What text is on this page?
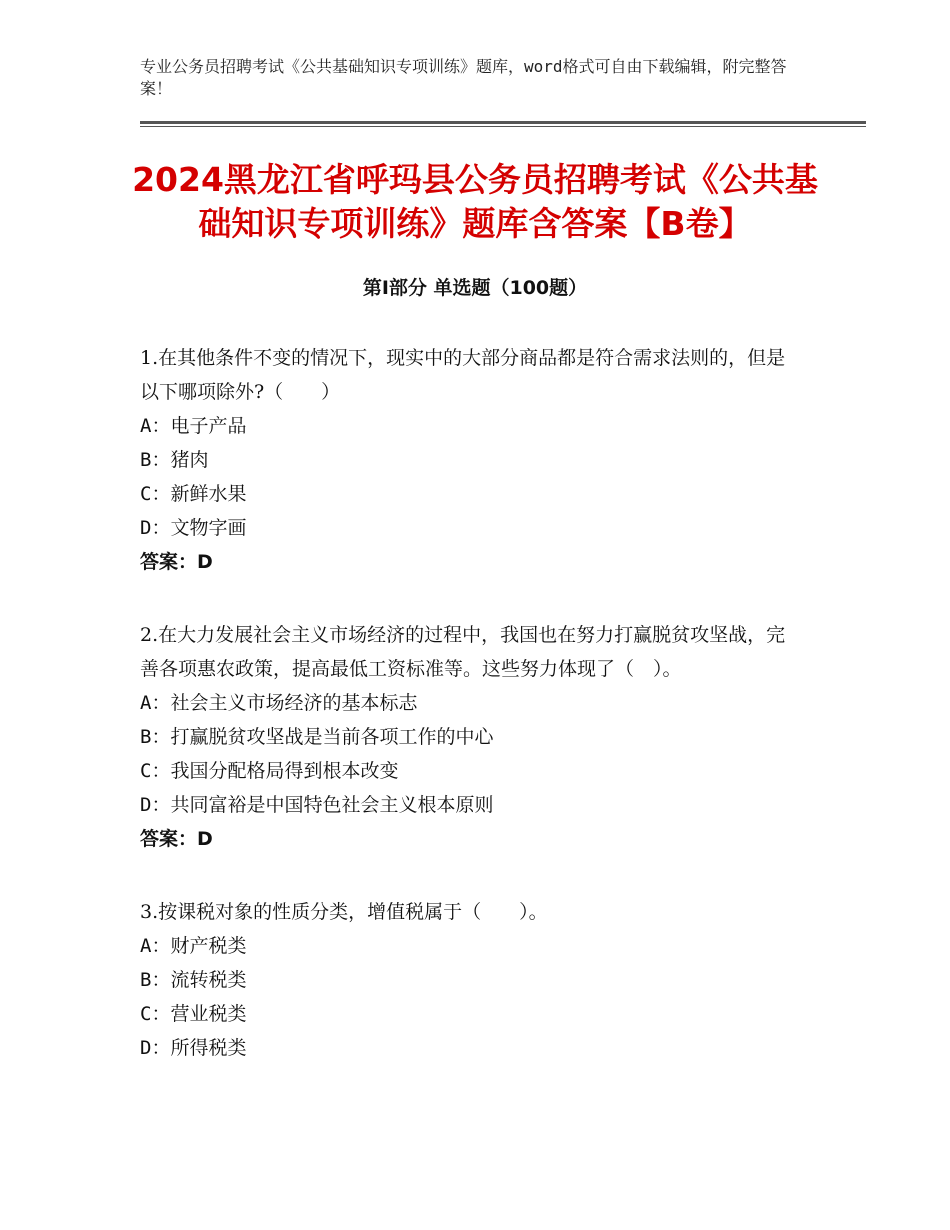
专业公务员招聘考试《公共基础知识专项训练》题库，word格式可自由下载编辑，附完整答案！
2024黑龙江省呼玛县公务员招聘考试《公共基础知识专项训练》题库含答案【B卷】
第Ⅰ部分 单选题（100题）

1.在其他条件不变的情况下，现实中的大部分商品都是符合需求法则的，但是以下哪项除外?（　　）

A：电子产品

B：猪肉

C：新鲜水果

D：文物字画

答案：D

2.在大力发展社会主义市场经济的过程中，我国也在努力打赢脱贫攻坚战，完善各项惠农政策，提高最低工资标准等。这些努力体现了（　）。

A：社会主义市场经济的基本标志

B：打赢脱贫攻坚战是当前各项工作的中心

C：我国分配格局得到根本改变

D：共同富裕是中国特色社会主义根本原则

答案：D

3.按课税对象的性质分类，增值税属于（　　）。

A：财产税类

B：流转税类

C：营业税类

D：所得税类
